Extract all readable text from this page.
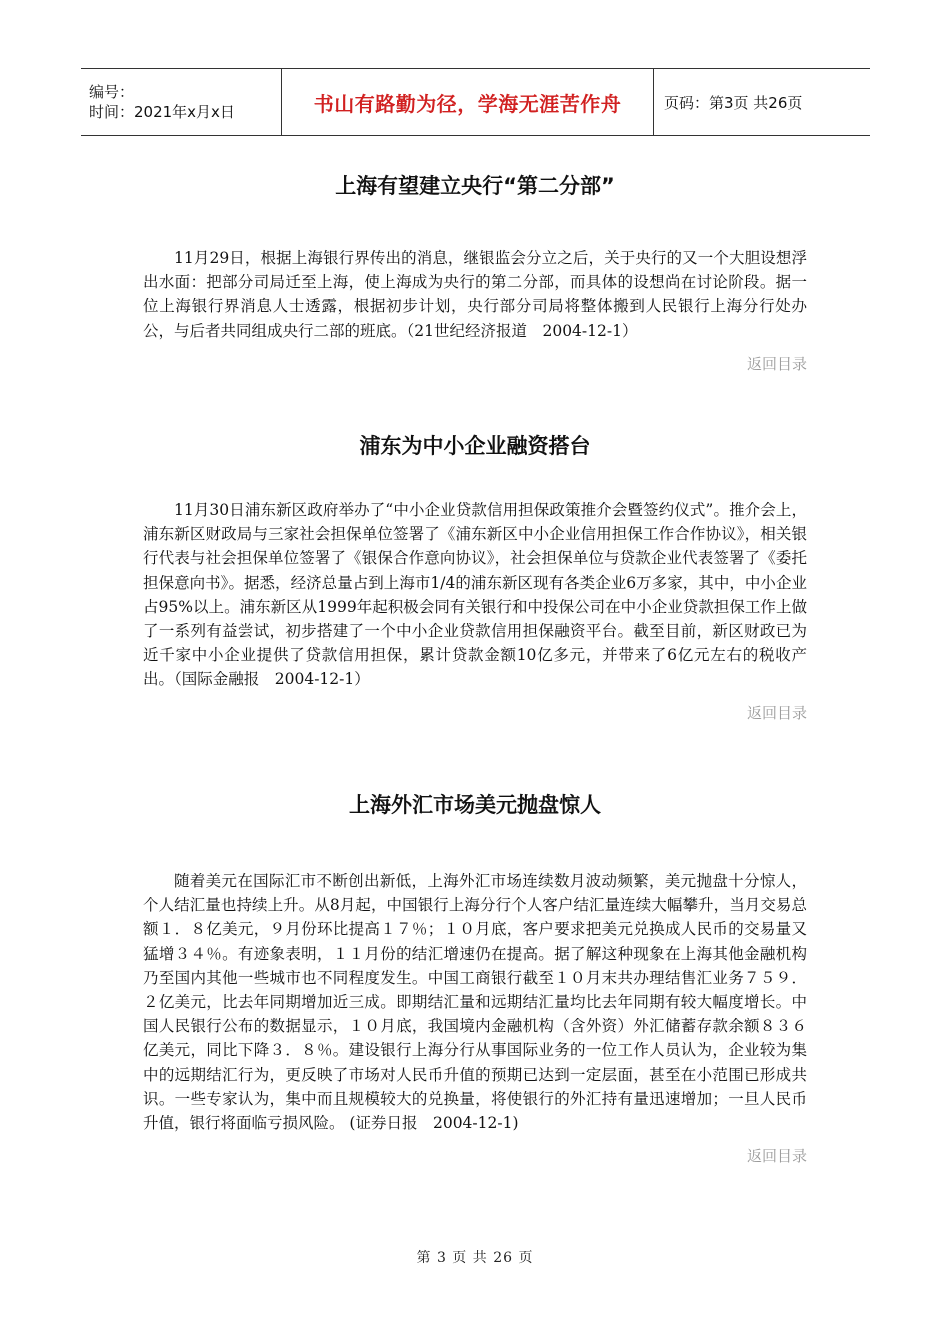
编号：
时间：2021年x月x日	书山有路勤为径，学海无涯苦作舟	页码：第3页 共26页
上海有望建立央行“第二分部”

11月29日，根据上海银行界传出的消息，继银监会分立之后，关于央行的又一个大胆设想浮出水面：把部分司局迁至上海，使上海成为央行的第二分部，而具体的设想尚在讨论阶段。据一位上海银行界消息人士透露，根据初步计划，央行部分司局将整体搬到人民银行上海分行处办公，与后者共同组成央行二部的班底。（21世纪经济报道　2004-12-1）

返回目录
浦东为中小企业融资搭台

11月30日浦东新区政府举办了“中小企业贷款信用担保政策推介会暨签约仪式”。推介会上，浦东新区财政局与三家社会担保单位签署了《浦东新区中小企业信用担保工作合作协议》，相关银行代表与社会担保单位签署了《银保合作意向协议》，社会担保单位与贷款企业代表签署了《委托担保意向书》。据悉，经济总量占到上海市1/4的浦东新区现有各类企业6万多家，其中，中小企业占95%以上。浦东新区从1999年起积极会同有关银行和中投保公司在中小企业贷款担保工作上做了一系列有益尝试，初步搭建了一个中小企业贷款信用担保融资平台。截至目前，新区财政已为近千家中小企业提供了贷款信用担保，累计贷款金额10亿多元，并带来了6亿元左右的税收产出。（国际金融报　2004-12-1）

返回目录
上海外汇市场美元抛盘惊人

随着美元在国际汇市不断创出新低，上海外汇市场连续数月波动频繁，美元抛盘十分惊人，个人结汇量也持续上升。从8月起，中国银行上海分行个人客户结汇量连续大幅攀升，当月交易总额１．８亿美元，９月份环比提高１７％；１０月底，客户要求把美元兑换成人民币的交易量又猛增３４％。有迹象表明，１１月份的结汇增速仍在提高。据了解这种现象在上海其他金融机构乃至国内其他一些城市也不同程度发生。中国工商银行截至１０月末共办理结售汇业务７５９．２亿美元，比去年同期增加近三成。即期结汇量和远期结汇量均比去年同期有较大幅度增长。中国人民银行公布的数据显示，１０月底，我国境内金融机构（含外资）外汇储蓄存款余额８３６亿美元，同比下降３．８％。建设银行上海分行从事国际业务的一位工作人员认为，企业较为集中的远期结汇行为，更反映了市场对人民币升值的预期已达到一定层面，甚至在小范围已形成共识。一些专家认为，集中而且规模较大的兑换量，将使银行的外汇持有量迅速增加；一旦人民币升值，银行将面临亏损风险。 (证券日报　2004-12-1)

返回目录
第 3 页 共 26 页
